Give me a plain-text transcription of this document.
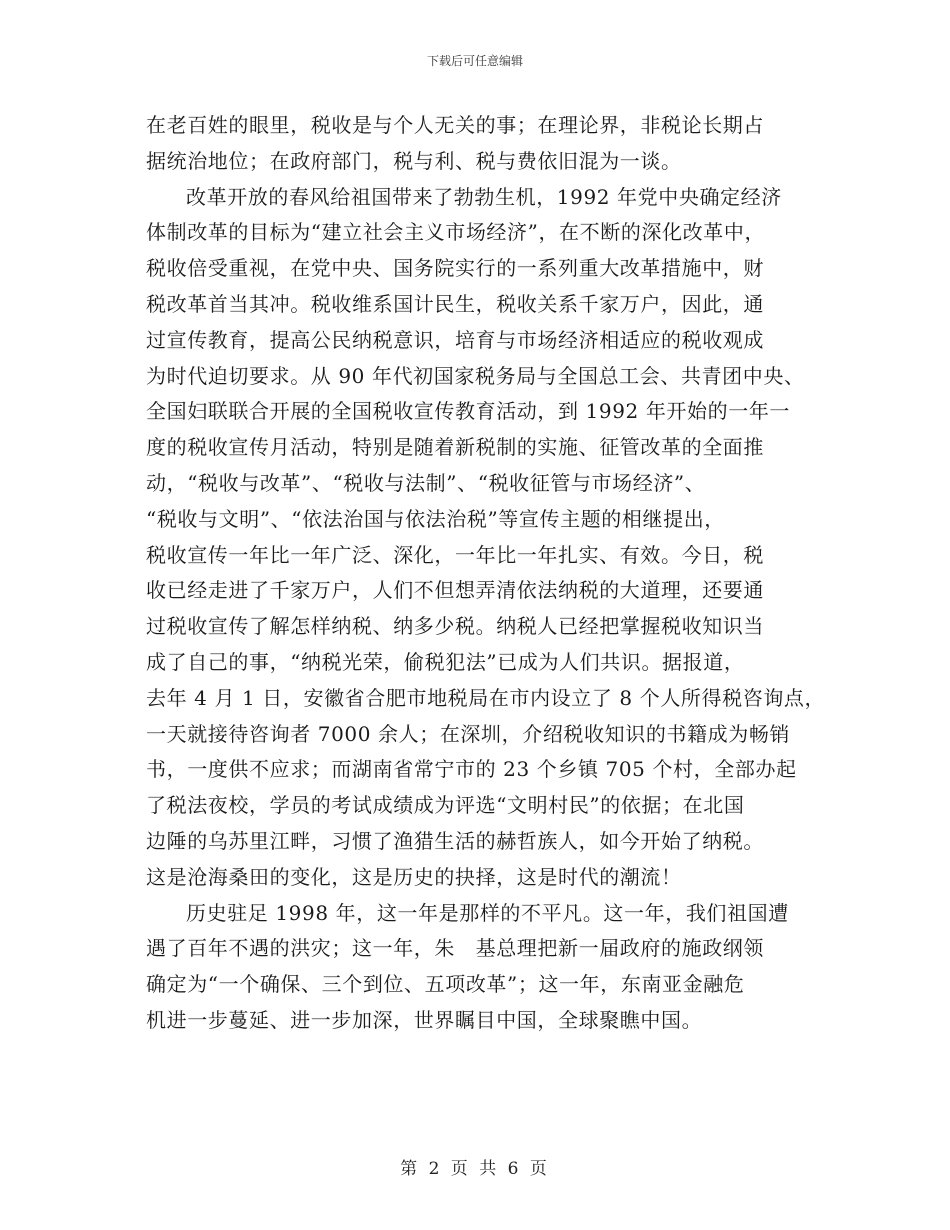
下载后可任意编辑
在老百姓的眼里，税收是与个人无关的事；在理论界，非税论长期占
据统治地位；在政府部门，税与利、税与费依旧混为一谈。
改革开放的春风给祖国带来了勃勃生机，1992 年党中央确定经济
体制改革的目标为“建立社会主义市场经济”，在不断的深化改革中，
税收倍受重视，在党中央、国务院实行的一系列重大改革措施中，财
税改革首当其冲。税收维系国计民生，税收关系千家万户，因此，通
过宣传教育，提高公民纳税意识，培育与市场经济相适应的税收观成
为时代迫切要求。从 90 年代初国家税务局与全国总工会、共青团中央、
全国妇联联合开展的全国税收宣传教育活动，到 1992 年开始的一年一
度的税收宣传月活动，特别是随着新税制的实施、征管改革的全面推
动，“税收与改革”、“税收与法制”、“税收征管与市场经济”、
“税收与文明”、“依法治国与依法治税”等宣传主题的相继提出，
税收宣传一年比一年广泛、深化，一年比一年扎实、有效。今日，税
收已经走进了千家万户，人们不但想弄清依法纳税的大道理，还要通
过税收宣传了解怎样纳税、纳多少税。纳税人已经把掌握税收知识当
成了自己的事，“纳税光荣，偷税犯法”已成为人们共识。据报道，
去年 4 月 1 日，安徽省合肥市地税局在市内设立了 8 个人所得税咨询点，
一天就接待咨询者 7000 余人；在深圳，介绍税收知识的书籍成为畅销
书，一度供不应求；而湖南省常宁市的 23 个乡镇 705 个村，全部办起
了税法夜校，学员的考试成绩成为评选“文明村民”的依据；在北国
边陲的乌苏里江畔，习惯了渔猎生活的赫哲族人，如今开始了纳税。
这是沧海桑田的变化，这是历史的抉择，这是时代的潮流！
历史驻足 1998 年，这一年是那样的不平凡。这一年，我们祖国遭
遇了百年不遇的洪灾；这一年，朱　基总理把新一届政府的施政纲领
确定为“一个确保、三个到位、五项改革”；这一年，东南亚金融危
机进一步蔓延、进一步加深，世界瞩目中国，全球聚瞧中国。
第 2 页 共 6 页
